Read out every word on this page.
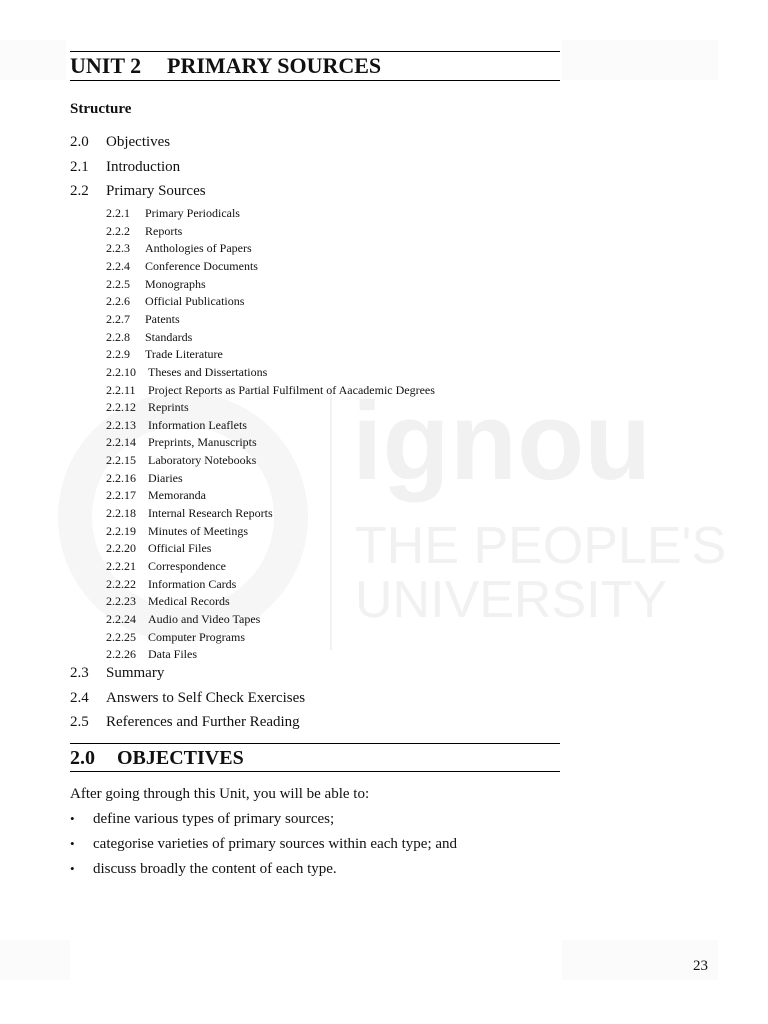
ignou
THE PEOPLE'S
UNIVERSITY
UNIT 2 PRIMARY SOURCES
Structure
2.0 Objectives
2.1 Introduction
2.2 Primary Sources
2.2.1 Primary Periodicals
2.2.2 Reports
2.2.3 Anthologies of Papers
2.2.4 Conference Documents
2.2.5 Monographs
2.2.6 Official Publications
2.2.7 Patents
2.2.8 Standards
2.2.9 Trade Literature
2.2.10 Theses and Dissertations
2.2.11 Project Reports as Partial Fulfilment of Aacademic Degrees
2.2.12 Reprints
2.2.13 Information Leaflets
2.2.14 Preprints, Manuscripts
2.2.15 Laboratory Notebooks
2.2.16 Diaries
2.2.17 Memoranda
2.2.18 Internal Research Reports
2.2.19 Minutes of Meetings
2.2.20 Official Files
2.2.21 Correspondence
2.2.22 Information Cards
2.2.23 Medical Records
2.2.24 Audio and Video Tapes
2.2.25 Computer Programs
2.2.26 Data Files
2.3 Summary
2.4 Answers to Self Check Exercises
2.5 References and Further Reading
2.0 OBJECTIVES
After going through this Unit, you will be able to:
• define various types of primary sources;
• categorise varieties of primary sources within each type; and
• discuss broadly the content of each type.
23
